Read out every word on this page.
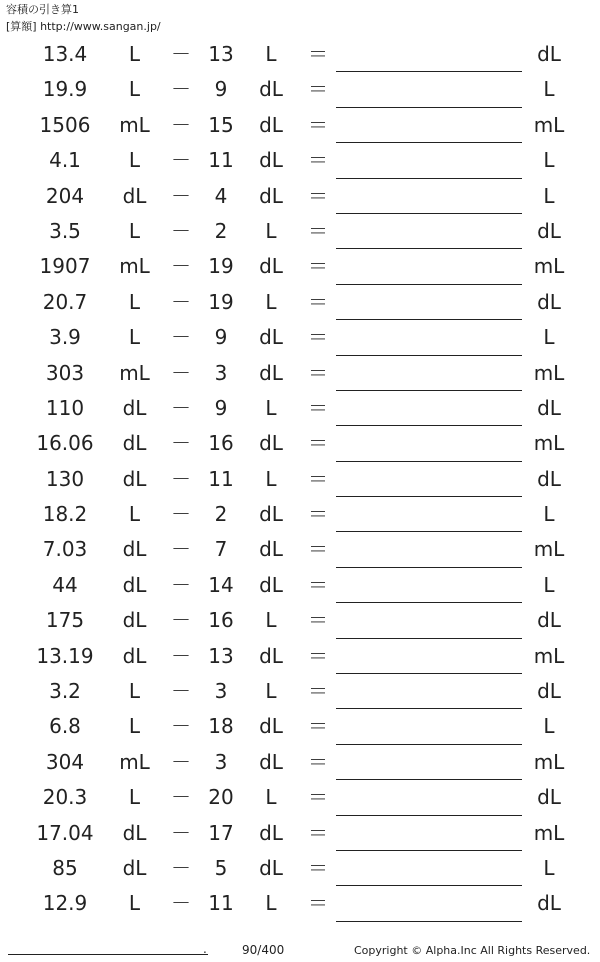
容積の引き算1
[算額] http://www.sangan.jp/
13.4	L	－ 13	L	＝	dL
19.9	L	－	9	dL	＝	L
1506	mL	－ 15	dL	＝	mL
4.1	L	－ 11	dL	＝	L
204	dL	－	4	dL	＝	L
3.5	L	－	2	L	＝	dL
1907	mL	－ 19	dL	＝	mL
20.7	L	－ 19	L	＝	dL
3.9	L	－	9	dL	＝	L
303	mL	－	3	dL	＝	mL
110	dL	－	9	L	＝	dL
16.06	dL	－ 16	dL	＝	mL
130	dL	－ 11	L	＝	dL
18.2	L	－	2	dL	＝	L
7.03	dL	－	7	dL	＝	mL
44	dL	－ 14	dL	＝	L
175	dL	－ 16	L	＝	dL
13.19	dL	－ 13	dL	＝	mL
3.2	L	－	3	L	＝	dL
6.8	L	－ 18	dL	＝	L
304	mL	－	3	dL	＝	mL
20.3	L	－ 20	L	＝	dL
17.04	dL	－ 17	dL	＝	mL
85	dL	－	5	dL	＝	L
12.9	L	－ 11	L	＝	dL
.	90/400	Copyright © Alpha.Inc All Rights Reserved.
